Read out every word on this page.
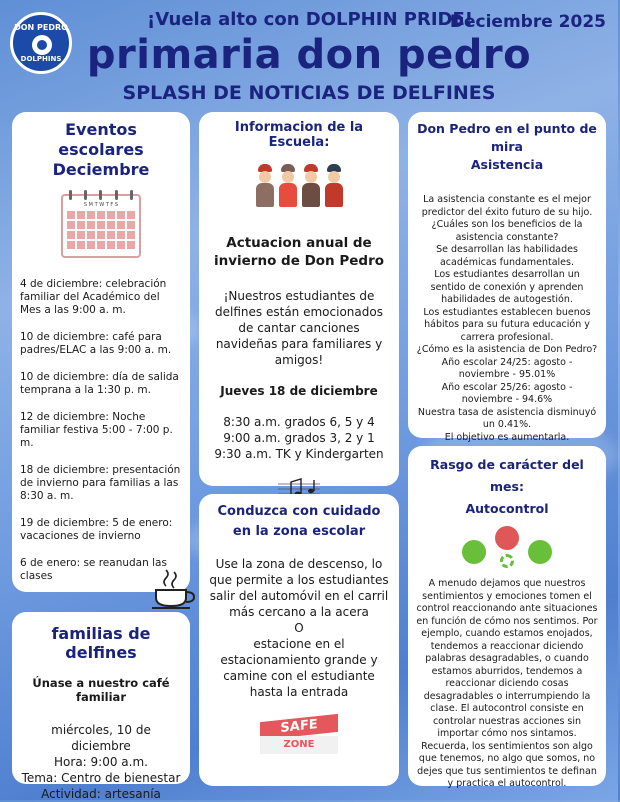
DON PEDRO
DOLPHINS
¡Vuela alto con DOLPHIN PRIDE!
Deciembre 2025
primaria don pedro
SPLASH DE NOTICIAS DE DELFINES
Eventos escolares
Deciembre
S M T W T F S
4 de diciembre: celebración familiar del Académico del Mes a las 9:00 a. m.
10 de diciembre: café para padres/ELAC a las 9:00 a. m.
10 de diciembre: día de salida temprana a la 1:30 p. m.
12 de diciembre: Noche familiar festiva 5:00 - 7:00 p. m.
18 de diciembre: presentación de invierno para familias a las 8:30 a. m.
19 de diciembre: 5 de enero: vacaciones de invierno
6 de enero: se reanudan las clases
familias de delfines
Únase a nuestro café familiar
miércoles, 10 de diciembre
Hora: 9:00 a.m.
Tema: Centro de bienestar
Actividad: artesanía
Informacion de la Escuela:
Actuacion anual de invierno de Don Pedro
¡Nuestros estudiantes de delfines están emocionados de cantar canciones navideñas para familiares y amigos!
Jueves 18 de diciembre
8:30 a.m. grados 6, 5 y 4
9:00 a.m. grados 3, 2 y 1
9:30 a.m. TK y Kindergarten
Conduzca con cuidado
en la zona escolar
Use la zona de descenso, lo que permite a los estudiantes salir del automóvil en el carril más cercano a la acera
O
estacione en el estacionamiento grande y camine con el estudiante hasta la entrada
SAFE
ZONE
Don Pedro en el punto de mira
Asistencia
La asistencia constante es el mejor predictor del éxito futuro de su hijo. ¿Cuáles son los beneficios de la asistencia constante?
Se desarrollan las habilidades académicas fundamentales.
Los estudiantes desarrollan un sentido de conexión y aprenden habilidades de autogestión.
Los estudiantes establecen buenos hábitos para su futura educación y carrera profesional.
¿Cómo es la asistencia de Don Pedro?
Año escolar 24/25: agosto - noviembre - 95.01%
Año escolar 25/26: agosto - noviembre - 94.6%
Nuestra tasa de asistencia disminuyó un 0.41%.
El objetivo es aumentarla.
Rasgo de carácter del mes:
Autocontrol
A menudo dejamos que nuestros sentimientos y emociones tomen el control reaccionando ante situaciones en función de cómo nos sentimos. Por ejemplo, cuando estamos enojados, tendemos a reaccionar diciendo palabras desagradables, o cuando estamos aburridos, tendemos a reaccionar diciendo cosas desagradables o interrumpiendo la clase. El autocontrol consiste en controlar nuestras acciones sin importar cómo nos sintamos. Recuerda, los sentimientos son algo que tenemos, no algo que somos, no dejes que tus sentimientos te definan y practica el autocontrol.
